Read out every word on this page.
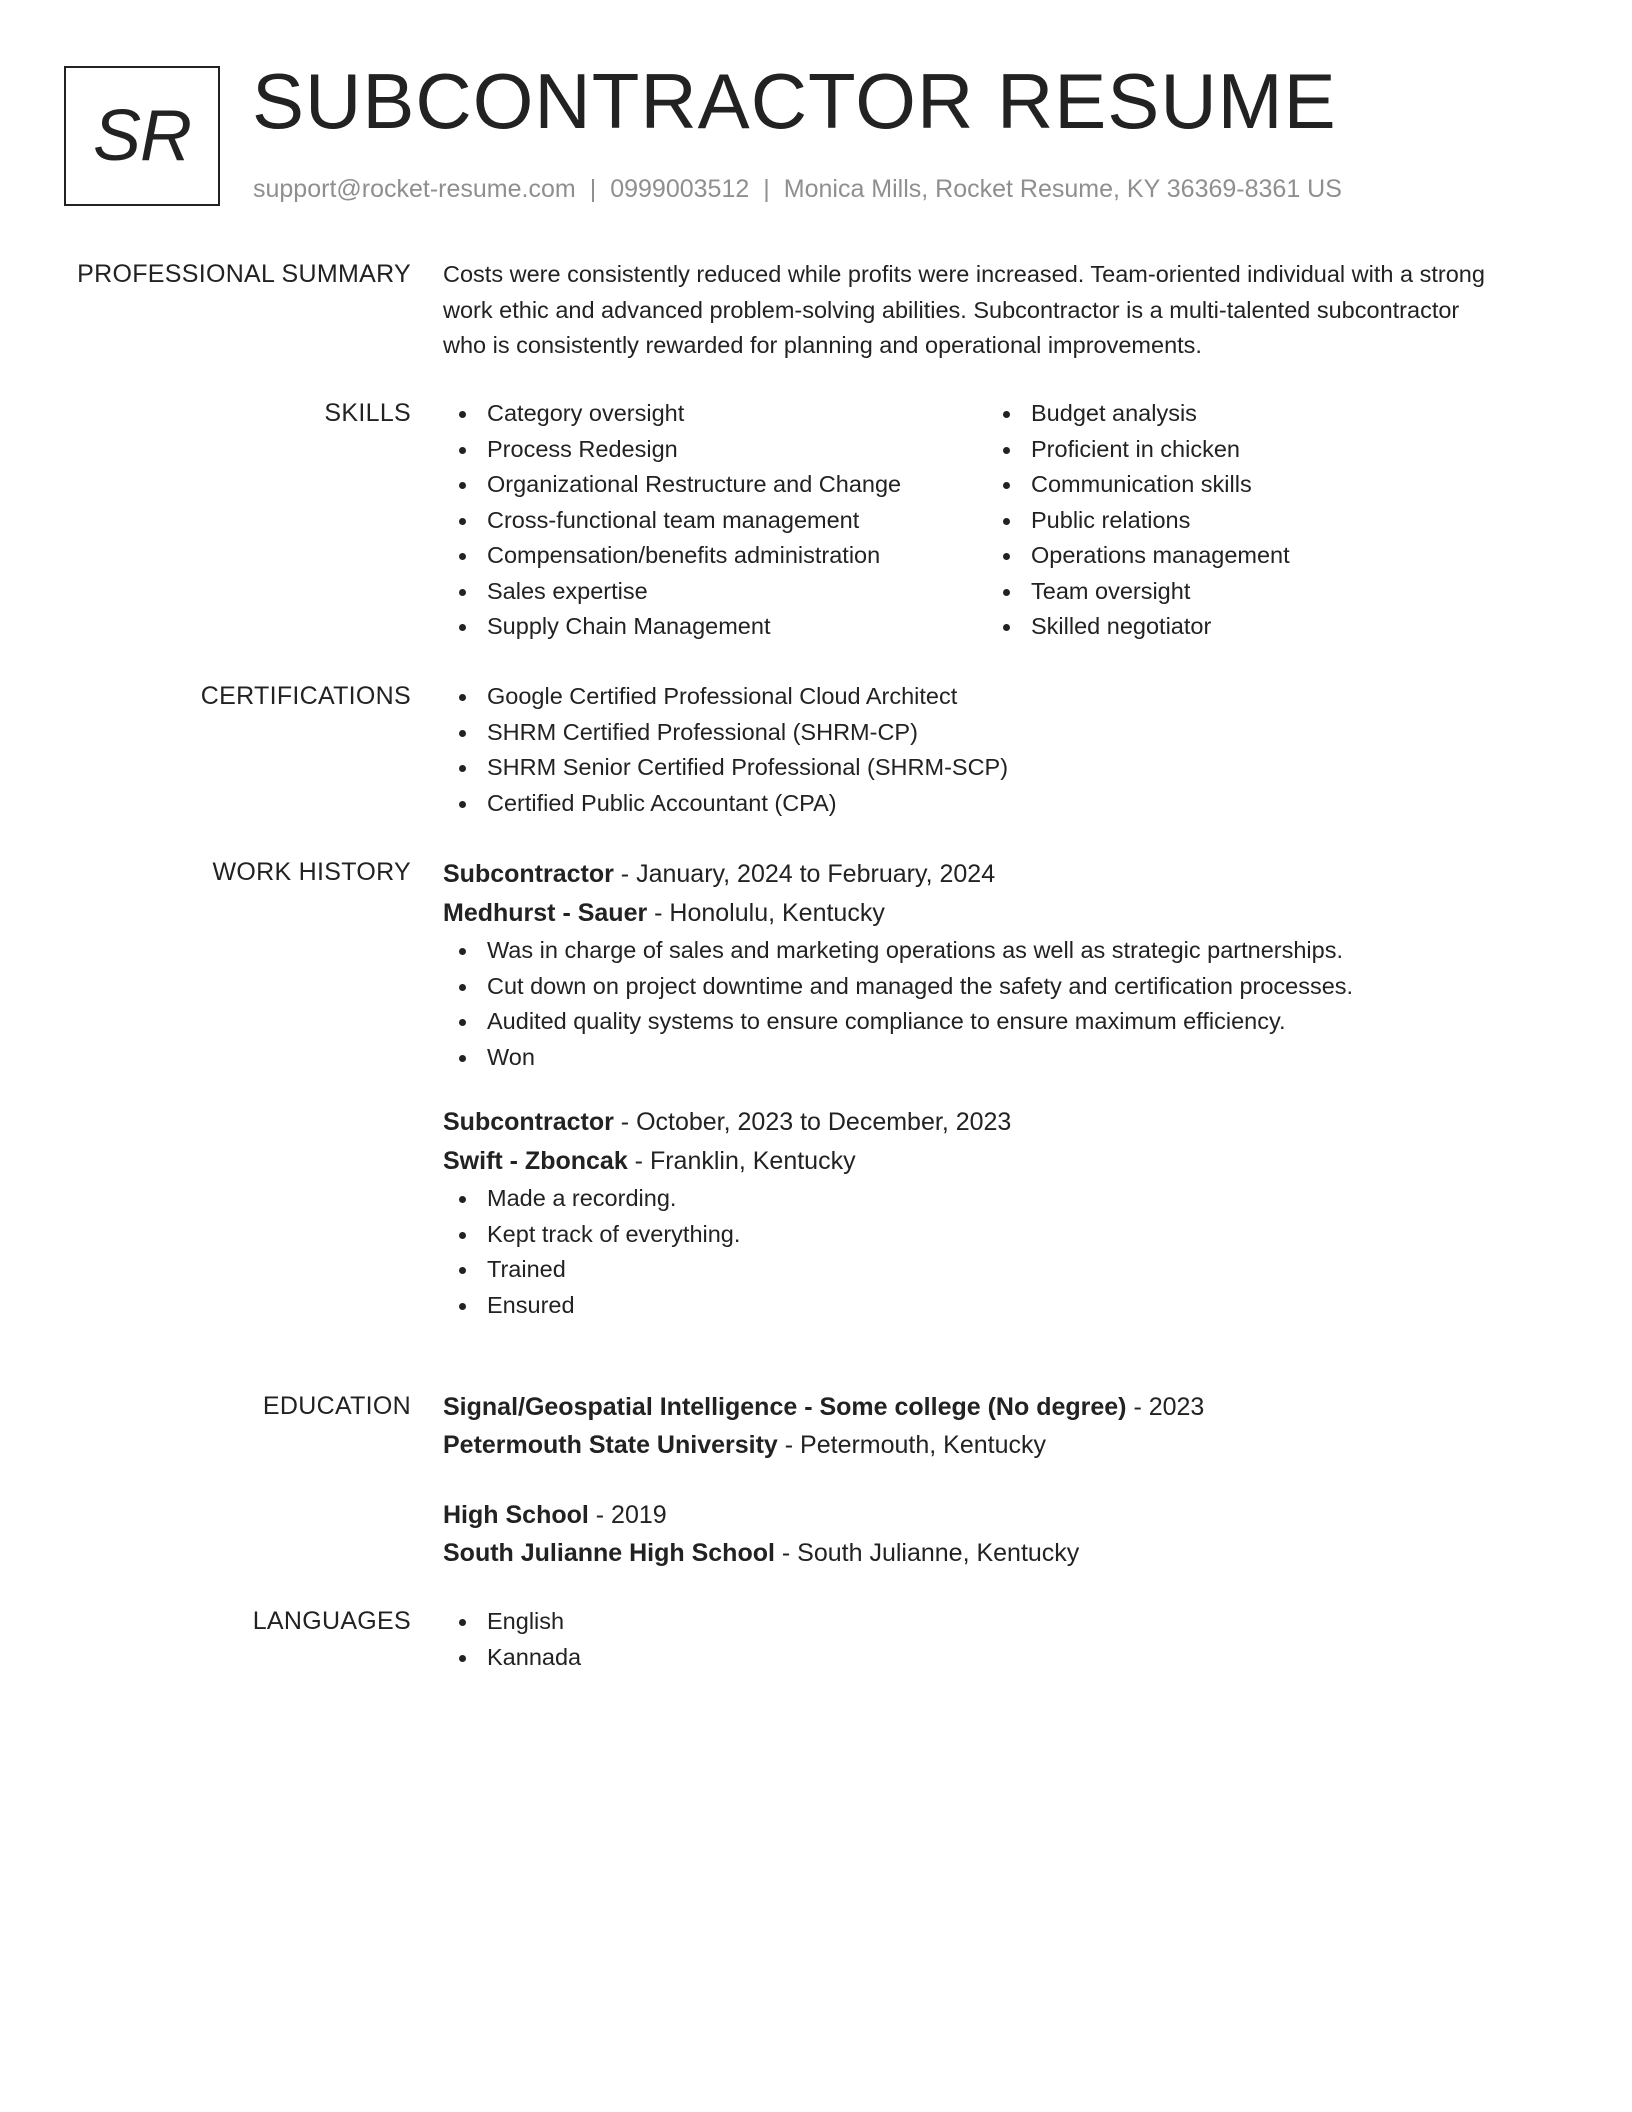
SR SUBCONTRACTOR RESUME
support@rocket-resume.com | 0999003512 | Monica Mills, Rocket Resume, KY 36369-8361 US
PROFESSIONAL SUMMARY Costs were consistently reduced while profits were increased. Team-oriented individual with a strong
work ethic and advanced problem-solving abilities. Subcontractor is a multi-talented subcontractor
who is consistently rewarded for planning and operational improvements.
SKILLS	Category oversight
Process Redesign
Organizational Restructure and Change
Cross-functional team management
Compensation/benefits administration
Sales expertise
Supply Chain Management
Budget analysis
Proficient in chicken
Communication skills
Public relations
Operations management
Team oversight
Skilled negotiator
CERTIFICATIONS	Google Certified Professional Cloud Architect
SHRM Certified Professional (SHRM-CP)
SHRM Senior Certified Professional (SHRM-SCP)
Certified Public Accountant (CPA)
WORK HISTORY Subcontractor - January, 2024 to February, 2024
Medhurst - Sauer - Honolulu, Kentucky
Was in charge of sales and marketing operations as well as strategic partnerships.
Cut down on project downtime and managed the safety and certification processes.
Audited quality systems to ensure compliance to ensure maximum efficiency.
Won
Subcontractor - October, 2023 to December, 2023
Swift - Zboncak - Franklin, Kentucky
Made a recording.
Kept track of everything.
Trained
Ensured
EDUCATION Signal/Geospatial Intelligence - Some college (No degree) - 2023
Petermouth State University - Petermouth, Kentucky
High School - 2019
South Julianne High School - South Julianne, Kentucky
LANGUAGES	English
Kannada
